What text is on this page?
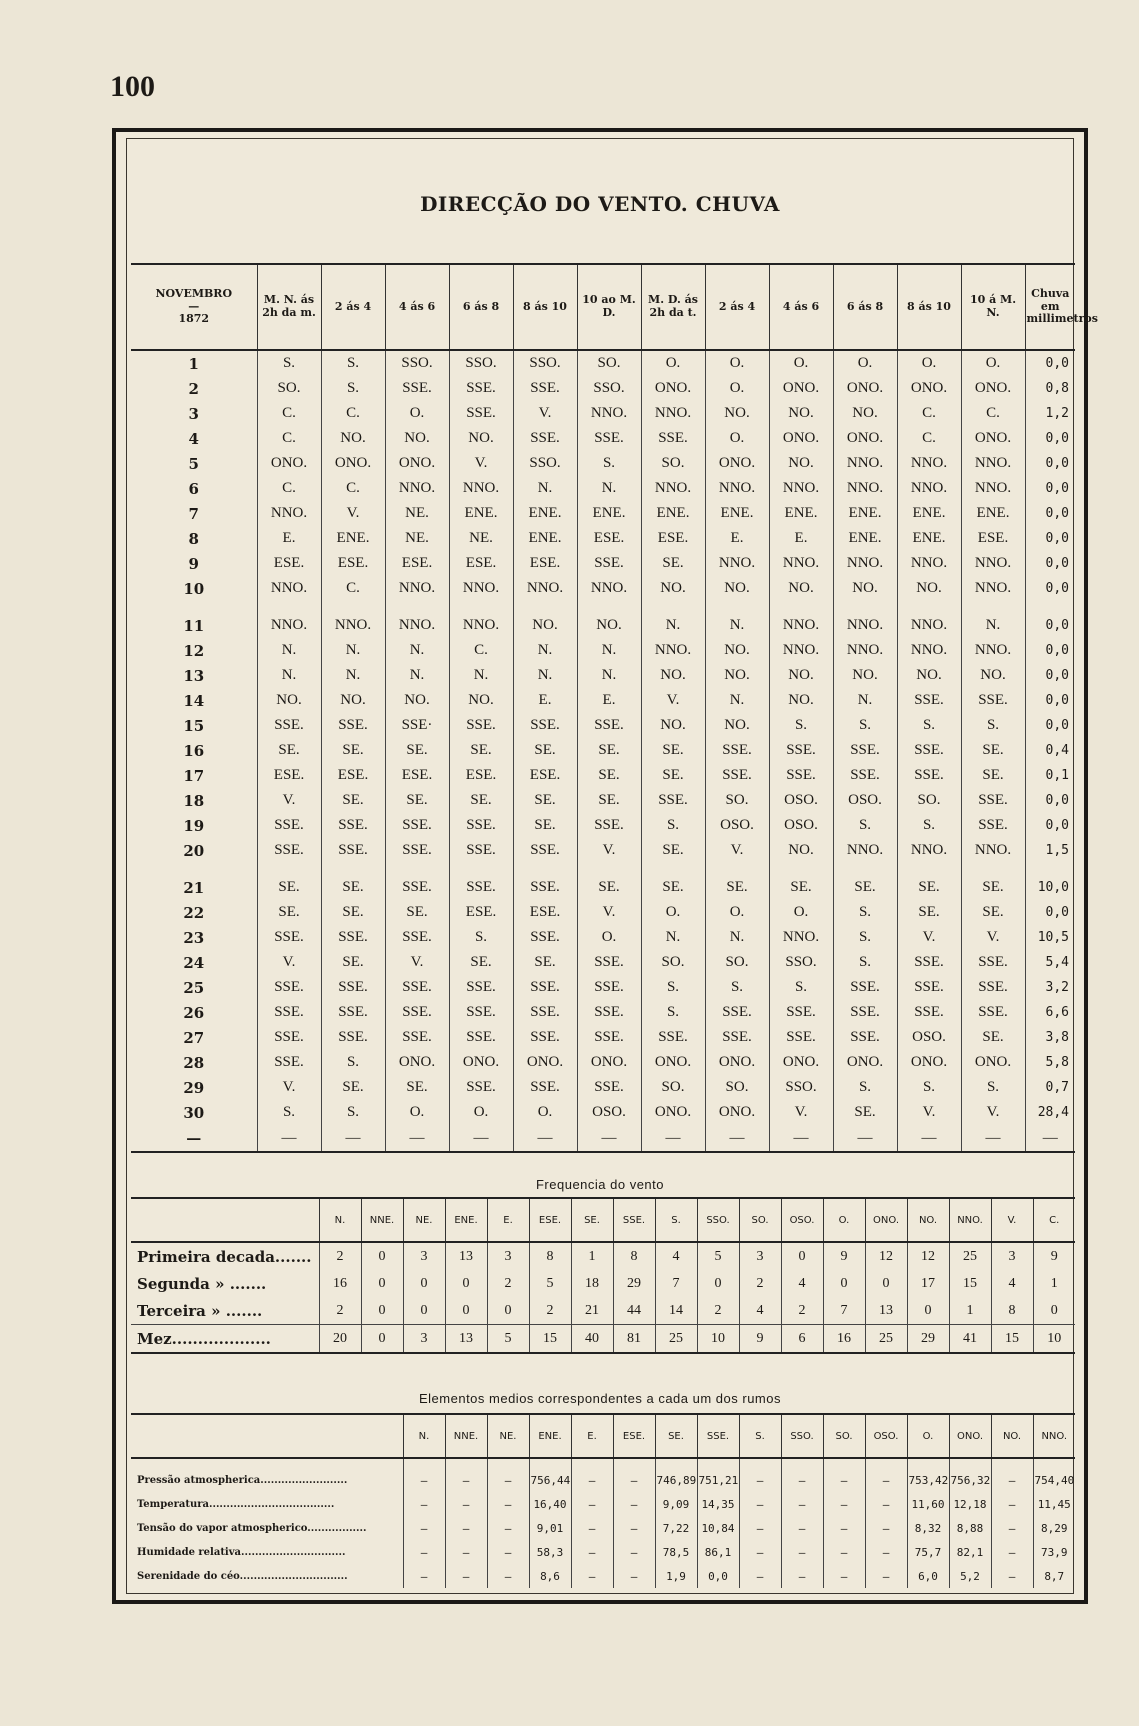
100
DIRECÇÃO DO VENTO. CHUVA
NOVEMBRO
—
1872	M. N. ás 2h da m.	2 ás 4	4 ás 6	6 ás 8	8 ás 10	10 ao M. D.	M. D. ás 2h da t.	2 ás 4	4 ás 6	6 ás 8	8 ás 10	10 á M. N.	Chuva em millimetros
1	S.	S.	SSO.	SSO.	SSO.	SO.	O.	O.	O.	O.	O.	O.	0,0
2	SO.	S.	SSE.	SSE.	SSE.	SSO.	ONO.	O.	ONO.	ONO.	ONO.	ONO.	0,8
3	C.	C.	O.	SSE.	V.	NNO.	NNO.	NO.	NO.	NO.	C.	C.	1,2
4	C.	NO.	NO.	NO.	SSE.	SSE.	SSE.	O.	ONO.	ONO.	C.	ONO.	0,0
5	ONO.	ONO.	ONO.	V.	SSO.	S.	SO.	ONO.	NO.	NNO.	NNO.	NNO.	0,0
6	C.	C.	NNO.	NNO.	N.	N.	NNO.	NNO.	NNO.	NNO.	NNO.	NNO.	0,0
7	NNO.	V.	NE.	ENE.	ENE.	ENE.	ENE.	ENE.	ENE.	ENE.	ENE.	ENE.	0,0
8	E.	ENE.	NE.	NE.	ENE.	ESE.	ESE.	E.	E.	ENE.	ENE.	ESE.	0,0
9	ESE.	ESE.	ESE.	ESE.	ESE.	SSE.	SE.	NNO.	NNO.	NNO.	NNO.	NNO.	0,0
10	NNO.	C.	NNO.	NNO.	NNO.	NNO.	NO.	NO.	NO.	NO.	NO.	NNO.	0,0

11	NNO.	NNO.	NNO.	NNO.	NO.	NO.	N.	N.	NNO.	NNO.	NNO.	N.	0,0
12	N.	N.	N.	C.	N.	N.	NNO.	NO.	NNO.	NNO.	NNO.	NNO.	0,0
13	N.	N.	N.	N.	N.	N.	NO.	NO.	NO.	NO.	NO.	NO.	0,0
14	NO.	NO.	NO.	NO.	E.	E.	V.	N.	NO.	N.	SSE.	SSE.	0,0
15	SSE.	SSE.	SSE·	SSE.	SSE.	SSE.	NO.	NO.	S.	S.	S.	S.	0,0
16	SE.	SE.	SE.	SE.	SE.	SE.	SE.	SSE.	SSE.	SSE.	SSE.	SE.	0,4
17	ESE.	ESE.	ESE.	ESE.	ESE.	SE.	SE.	SSE.	SSE.	SSE.	SSE.	SE.	0,1
18	V.	SE.	SE.	SE.	SE.	SE.	SSE.	SO.	OSO.	OSO.	SO.	SSE.	0,0
19	SSE.	SSE.	SSE.	SSE.	SE.	SSE.	S.	OSO.	OSO.	S.	S.	SSE.	0,0
20	SSE.	SSE.	SSE.	SSE.	SSE.	V.	SE.	V.	NO.	NNO.	NNO.	NNO.	1,5

21	SE.	SE.	SSE.	SSE.	SSE.	SE.	SE.	SE.	SE.	SE.	SE.	SE.	10,0
22	SE.	SE.	SE.	ESE.	ESE.	V.	O.	O.	O.	S.	SE.	SE.	0,0
23	SSE.	SSE.	SSE.	S.	SSE.	O.	N.	N.	NNO.	S.	V.	V.	10,5
24	V.	SE.	V.	SE.	SE.	SSE.	SO.	SO.	SSO.	S.	SSE.	SSE.	5,4
25	SSE.	SSE.	SSE.	SSE.	SSE.	SSE.	S.	S.	S.	SSE.	SSE.	SSE.	3,2
26	SSE.	SSE.	SSE.	SSE.	SSE.	SSE.	S.	SSE.	SSE.	SSE.	SSE.	SSE.	6,6
27	SSE.	SSE.	SSE.	SSE.	SSE.	SSE.	SSE.	SSE.	SSE.	SSE.	OSO.	SE.	3,8
28	SSE.	S.	ONO.	ONO.	ONO.	ONO.	ONO.	ONO.	ONO.	ONO.	ONO.	ONO.	5,8
29	V.	SE.	SE.	SSE.	SSE.	SSE.	SO.	SO.	SSO.	S.	S.	S.	0,7
30	S.	S.	O.	O.	O.	OSO.	ONO.	ONO.	V.	SE.	V.	V.	28,4
—	—	—	—	—	—	—	—	—	—	—	—	—	—
Frequencia do vento
	N.	NNE.	NE.	ENE.	E.	ESE.	SE.	SSE.	S.	SSO.	SO.	OSO.	O.	ONO.	NO.	NNO.	V.	C.
Primeira decada.......	2	0	3	13	3	8	1	8	4	5	3	0	9	12	12	25	3	9
Segunda » .......	16	0	0	0	2	5	18	29	7	0	2	4	0	0	17	15	4	1
Terceira » .......	2	0	0	0	0	2	21	44	14	2	4	2	7	13	0	1	8	0
Mez...................	20	0	3	13	5	15	40	81	25	10	9	6	16	25	29	41	15	10
Elementos medios correspondentes a cada um dos rumos
	N.	NNE.	NE.	ENE.	E.	ESE.	SE.	SSE.	S.	SSO.	SO.	OSO.	O.	ONO.	NO.	NNO.
Pressão atmospherica.........................	—	—	—	756,44	—	—	746,89	751,21	—	—	—	—	753,42	756,32	—	754,40
Temperatura....................................	—	—	—	16,40	—	—	9,09	14,35	—	—	—	—	11,60	12,18	—	11,45
Tensão do vapor atmospherico.................	—	—	—	9,01	—	—	7,22	10,84	—	—	—	—	8,32	8,88	—	8,29
Humidade relativa..............................	—	—	—	58,3	—	—	78,5	86,1	—	—	—	—	75,7	82,1	—	73,9
Serenidade do céo...............................	—	—	—	8,6	—	—	1,9	0,0	—	—	—	—	6,0	5,2	—	8,7
